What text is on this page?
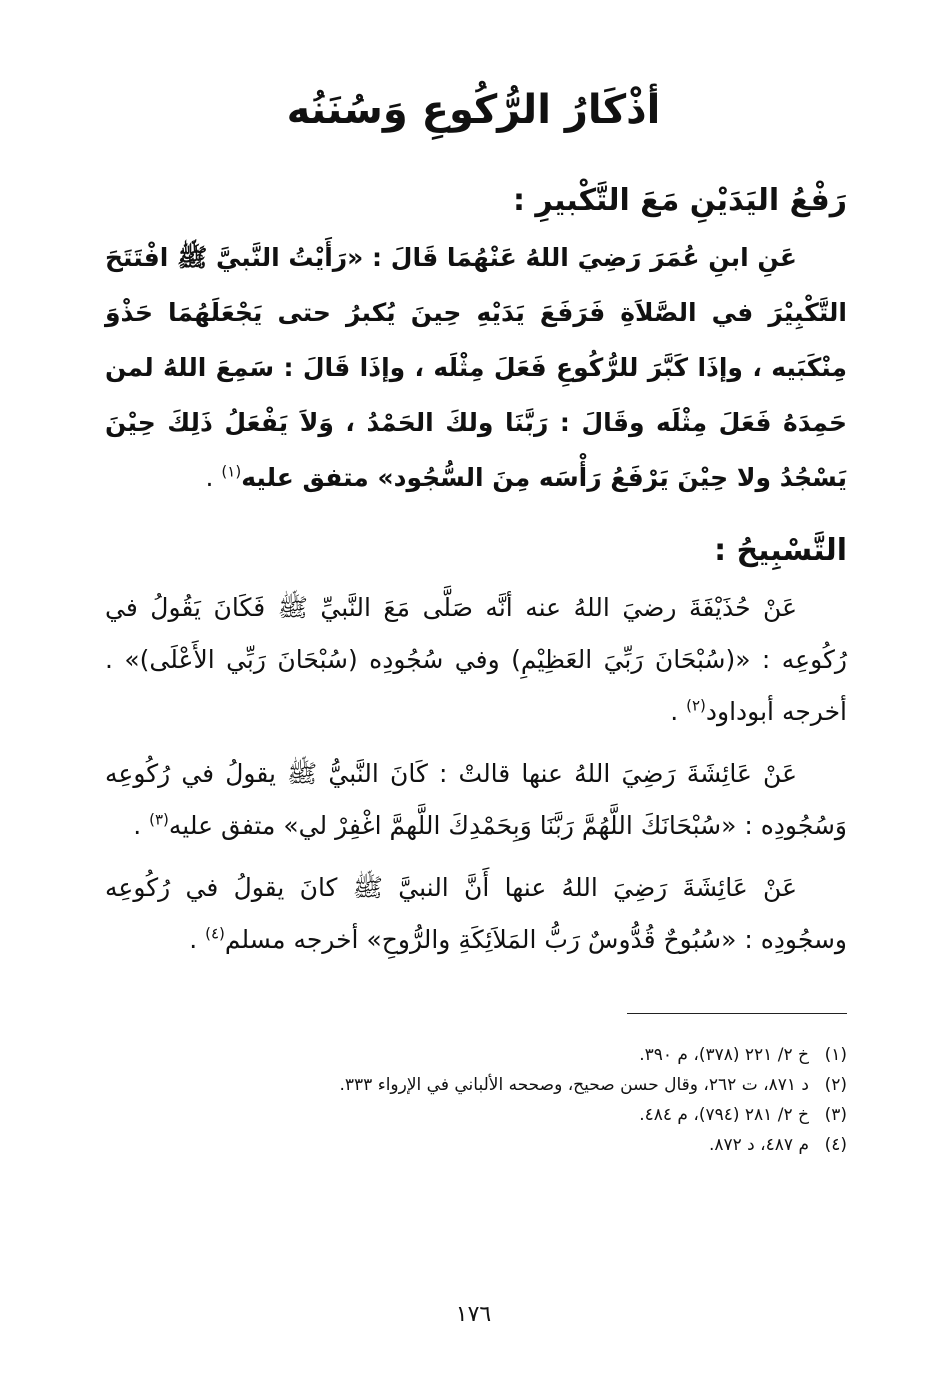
أذْكَارُ الرُّكُوعِ وَسُنَنُه
رَفْعُ اليَدَيْنِ مَعَ التَّكْبيرِ :
عَنِ ابنِ عُمَرَ رَضِيَ اللهُ عَنْهُمَا قَالَ : «رَأَيْتُ النَّبيَّ ﷺ افْتَتَحَ التَّكْبِيْرَ في الصَّلاَةِ فَرَفَعَ يَدَيْهِ حِينَ يُكبرُ حتى يَجْعَلَهُمَا حَذْوَ مِنْكَبَيه ، وإذَا كَبَّرَ للرُّكُوعِ فَعَلَ مِثْلَه ، وإذَا قَالَ : سَمِعَ اللهُ لمن حَمِدَهُ فَعَلَ مِثْلَه وقَالَ : رَبَّنَا ولكَ الحَمْدُ ، وَلاَ يَفْعَلُ ذَلِكَ حِيْنَ يَسْجُدُ ولا حِيْنَ يَرْفَعُ رَأْسَه مِنَ السُّجُود» متفق عليه$^{(١)}$ .
التَّسْبِيحُ :
عَنْ حُذَيْفَةَ رضيَ اللهُ عنه أنَّه صَلَّى مَعَ النَّبيِّ ﷺ فَكَانَ يَقُولُ في رُكُوعِه : «(سُبْحَانَ رَبِّيَ العَظِيْمِ) وفي سُجُودِه (سُبْحَانَ رَبِّي الأَعْلَى)» . أخرجه أبوداود$^{(٢)}$ .
عَنْ عَائِشَةَ رَضِيَ اللهُ عنها قالتْ : كَانَ النَّبيُّ ﷺ يقولُ في رُكُوعِه وَسُجُودِه : «سُبْحَانَكَ اللَّهُمَّ رَبَّنَا وَبِحَمْدِكَ اللَّهمَّ اغْفِرْ لي» متفق عليه$^{(٣)}$ .
عَنْ عَائِشَةَ رَضِيَ اللهُ عنها أَنَّ النبيَّ ﷺ كانَ يقولُ في رُكُوعِه وسجُودِه : «سُبُوحٌ قُدُّوسٌ رَبُّ المَلاَئِكَةِ والرُّوحِ» أخرجه مسلم$^{(٤)}$ .
(١)خ ٢/ ٢٢١ (٣٧٨)، م ٣٩٠.
(٢)د ٨٧١، ت ٢٦٢، وقال حسن صحيح، وصححه الألباني في الإرواء ٣٣٣.
(٣)خ ٢/ ٢٨١ (٧٩٤)، م ٤٨٤.
(٤)م ٤٨٧، د ٨٧٢.
١٧٦
